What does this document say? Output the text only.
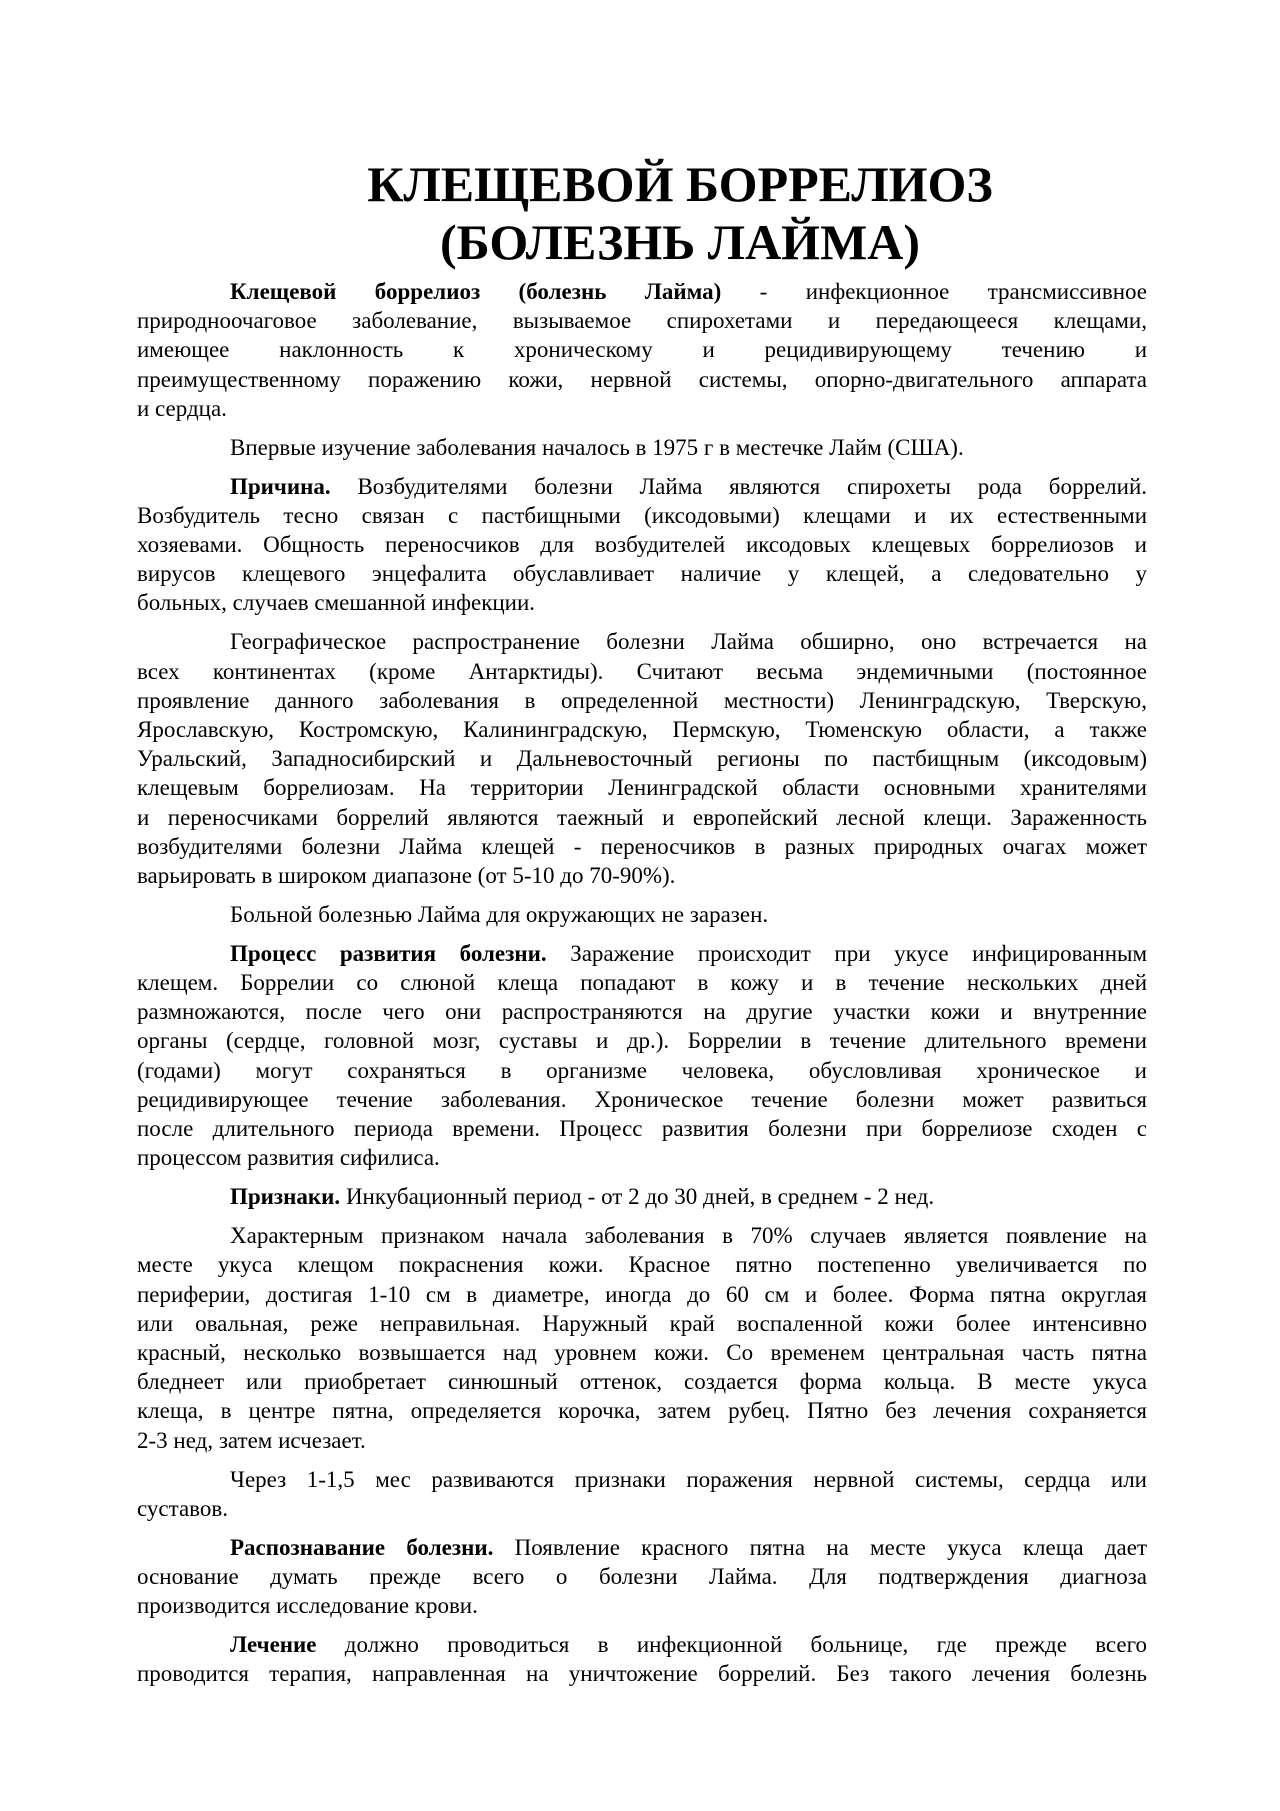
КЛЕЩЕВОЙ БОРРЕЛИОЗ
(БОЛЕЗНЬ ЛАЙМА)
Клещевой боррелиоз (болезнь Лайма) - инфекционное трансмиссивное
природноочаговое заболевание, вызываемое спирохетами и передающееся клещами,
имеющее наклонность к хроническому и рецидивирующему течению и
преимущественному поражению кожи, нервной системы, опорно-двигательного аппарата
и сердца.
Впервые изучение заболевания началось в 1975 г в местечке Лайм (США).
Причина. Возбудителями болезни Лайма являются спирохеты рода боррелий.
Возбудитель тесно связан с пастбищными (иксодовыми) клещами и их естественными
хозяевами. Общность переносчиков для возбудителей иксодовых клещевых боррелиозов и
вирусов клещевого энцефалита обуславливает наличие у клещей, а следовательно у
больных, случаев смешанной инфекции.
Географическое распространение болезни Лайма обширно, оно встречается на
всех континентах (кроме Антарктиды). Считают весьма эндемичными (постоянное
проявление данного заболевания в определенной местности) Ленинградскую, Тверскую,
Ярославскую, Костромскую, Калининградскую, Пермскую, Тюменскую области, а также
Уральский, Западносибирский и Дальневосточный регионы по пастбищным (иксодовым)
клещевым боррелиозам. На территории Ленинградской области основными хранителями
и переносчиками боррелий являются таежный и европейский лесной клещи. Зараженность
возбудителями болезни Лайма клещей - переносчиков в разных природных очагах может
варьировать в широком диапазоне (от 5-10 до 70-90%).
Больной болезнью Лайма для окружающих не заразен.
Процесс развития болезни. Заражение происходит при укусе инфицированным
клещем. Боррелии со слюной клеща попадают в кожу и в течение нескольких дней
размножаются, после чего они распространяются на другие участки кожи и внутренние
органы (сердце, головной мозг, суставы и др.). Боррелии в течение длительного времени
(годами) могут сохраняться в организме человека, обусловливая хроническое и
рецидивирующее течение заболевания. Хроническое течение болезни может развиться
после длительного периода времени. Процесс развития болезни при боррелиозе сходен с
процессом развития сифилиса.
Признаки. Инкубационный период - от 2 до 30 дней, в среднем - 2 нед.
Характерным признаком начала заболевания в 70% случаев является появление на
месте укуса клещом покраснения кожи. Красное пятно постепенно увеличивается по
периферии, достигая 1-10 см в диаметре, иногда до 60 см и более. Форма пятна округлая
или овальная, реже неправильная. Наружный край воспаленной кожи более интенсивно
красный, несколько возвышается над уровнем кожи. Со временем центральная часть пятна
бледнеет или приобретает синюшный оттенок, создается форма кольца. В месте укуса
клеща, в центре пятна, определяется корочка, затем рубец. Пятно без лечения сохраняется
2-3 нед, затем исчезает.
Через 1-1,5 мес развиваются признаки поражения нервной системы, сердца или
суставов.
Распознавание болезни. Появление красного пятна на месте укуса клеща дает
основание думать прежде всего о болезни Лайма. Для подтверждения диагноза
производится исследование крови.
Лечение должно проводиться в инфекционной больнице, где прежде всего
проводится терапия, направленная на уничтожение боррелий. Без такого лечения болезнь
